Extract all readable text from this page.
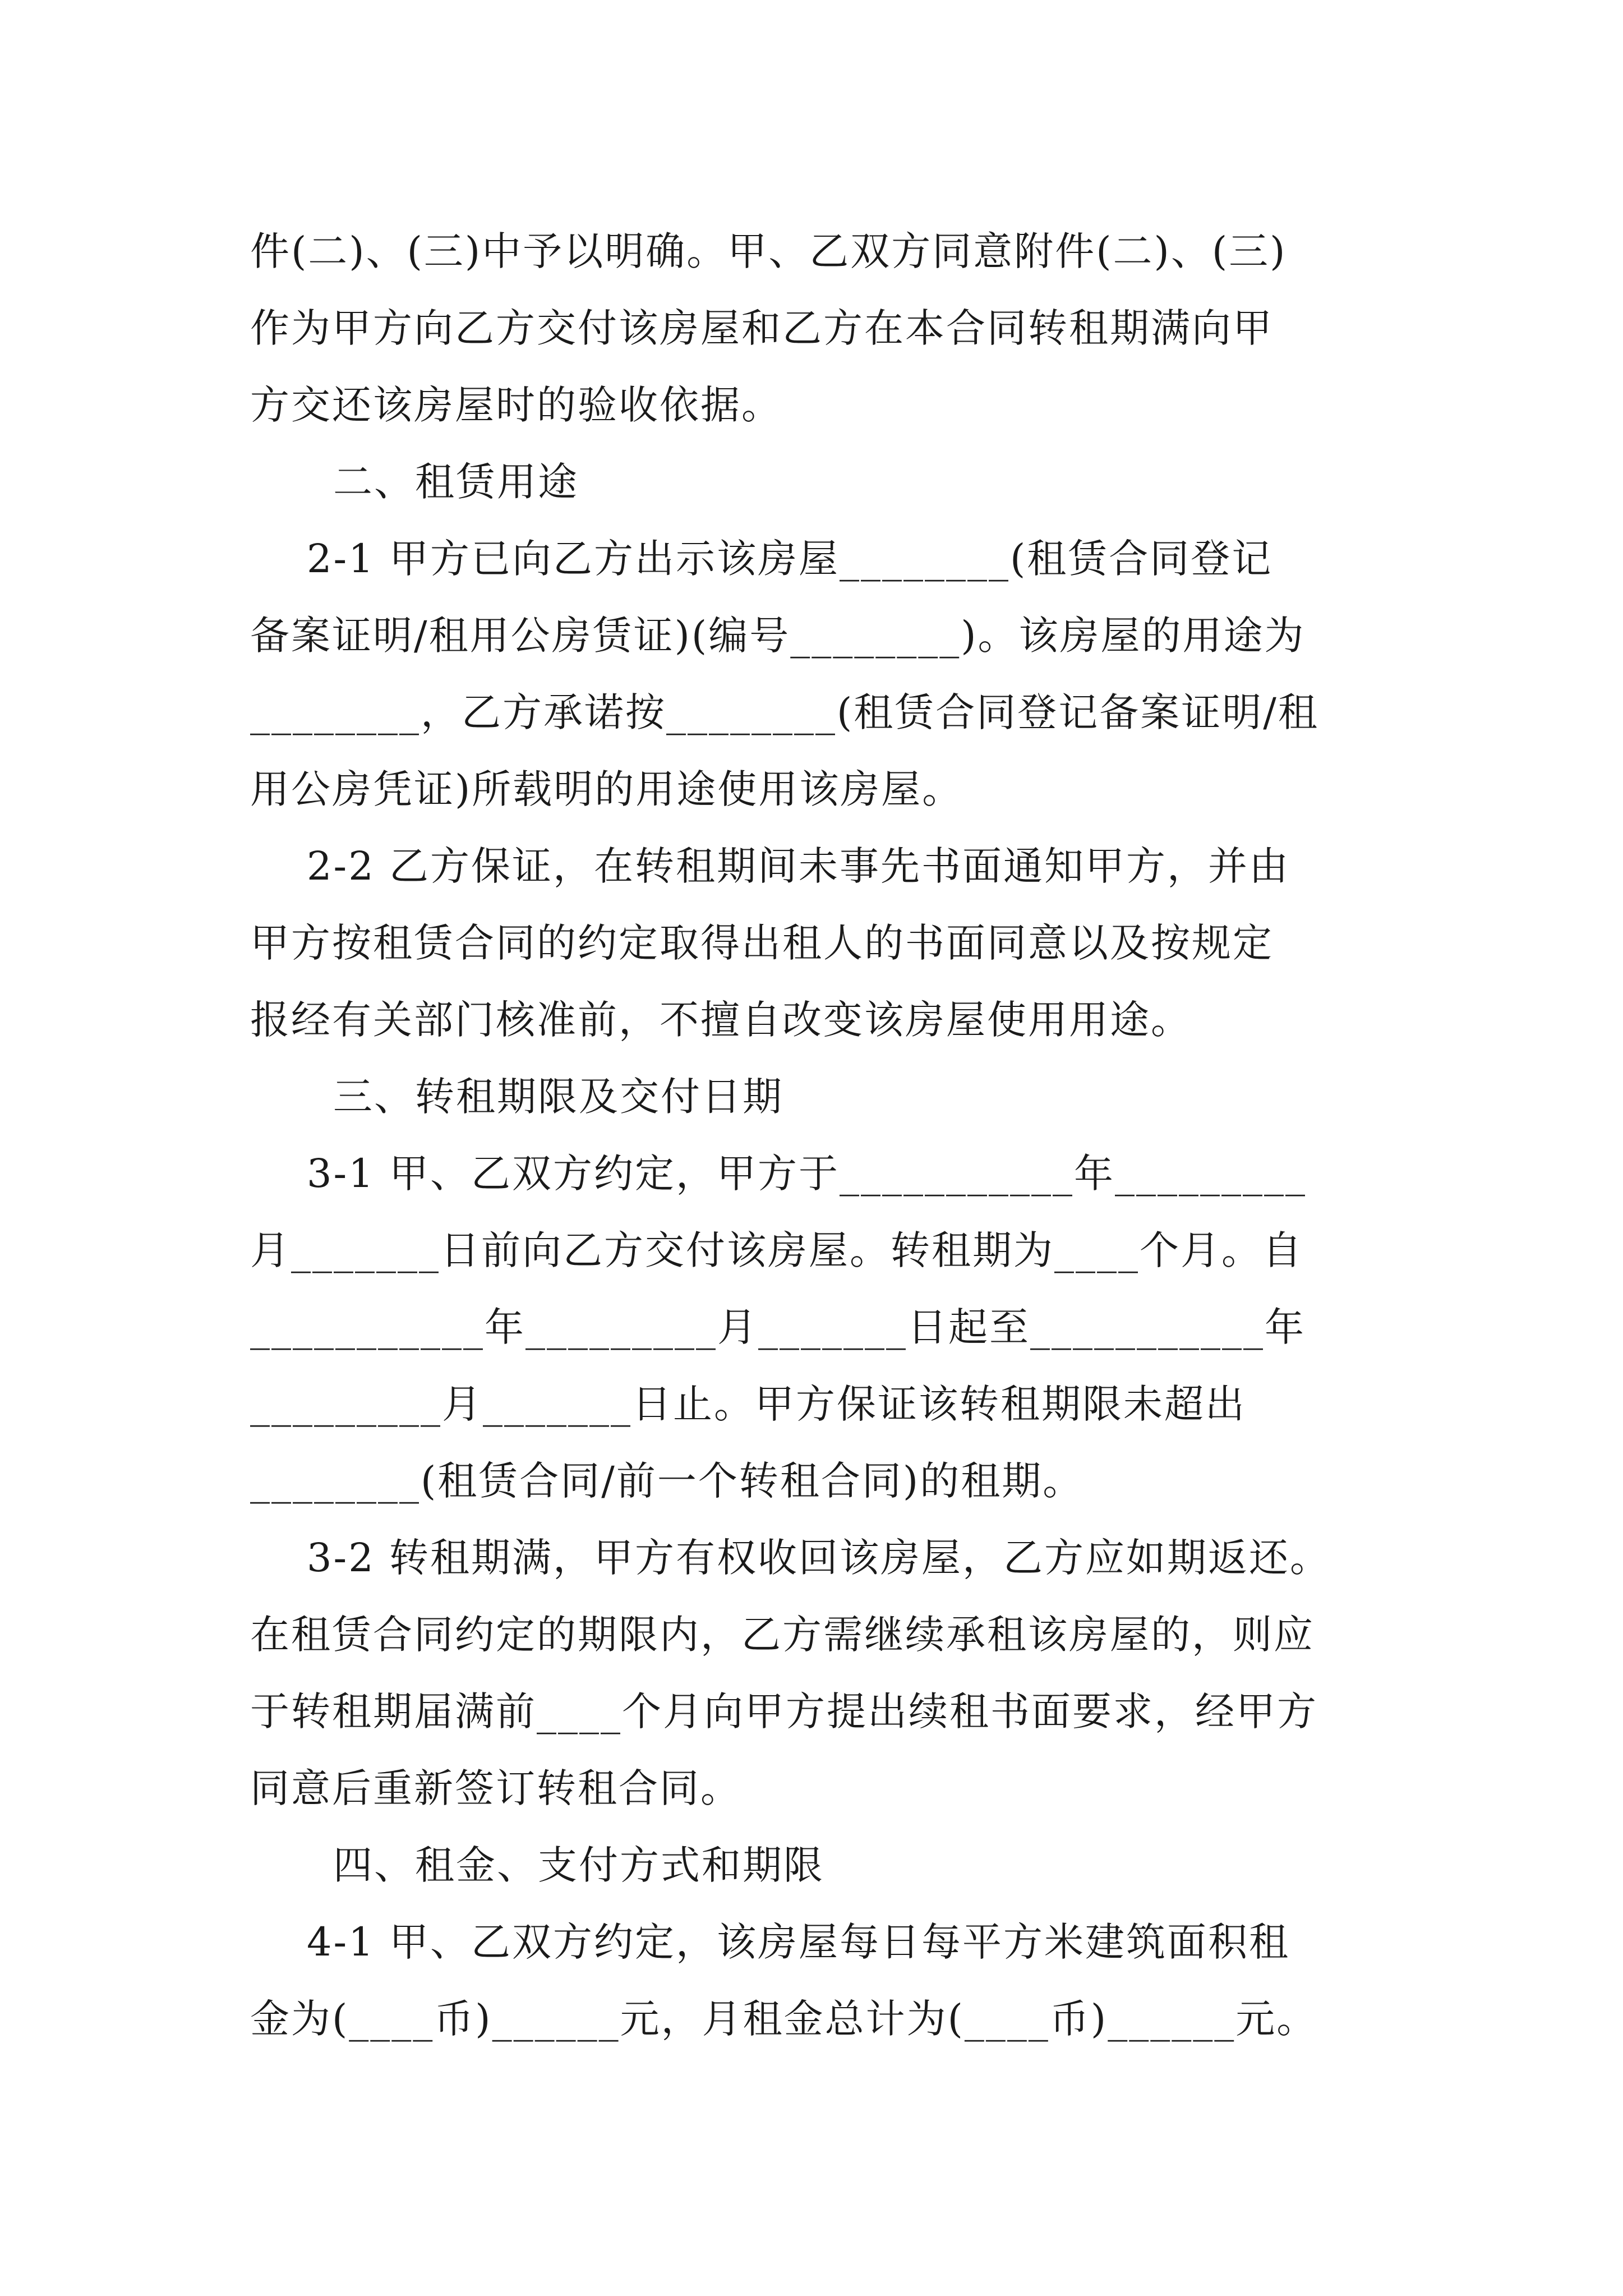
件(二)、(三)中予以明确。甲、乙双方同意附件(二)、(三)
作为甲方向乙方交付该房屋和乙方在本合同转租期满向甲
方交还该房屋时的验收依据。
二、租赁用途
2-1 甲方已向乙方出示该房屋________(租赁合同登记
备案证明/租用公房赁证)(编号________)。该房屋的用途为
________，乙方承诺按________(租赁合同登记备案证明/租
用公房凭证)所载明的用途使用该房屋。
2-2 乙方保证，在转租期间未事先书面通知甲方，并由
甲方按租赁合同的约定取得出租人的书面同意以及按规定
报经有关部门核准前，不擅自改变该房屋使用用途。
三、转租期限及交付日期
3-1 甲、乙双方约定，甲方于___________年_________
月_______日前向乙方交付该房屋。转租期为____个月。自
___________年_________月_______日起至___________年
_________月_______日止。甲方保证该转租期限未超出
________(租赁合同/前一个转租合同)的租期。
3-2 转租期满，甲方有权收回该房屋，乙方应如期返还。
在租赁合同约定的期限内，乙方需继续承租该房屋的，则应
于转租期届满前____个月向甲方提出续租书面要求，经甲方
同意后重新签订转租合同。
四、租金、支付方式和期限
4-1 甲、乙双方约定，该房屋每日每平方米建筑面积租
金为(____币)______元，月租金总计为(____币)______元。
